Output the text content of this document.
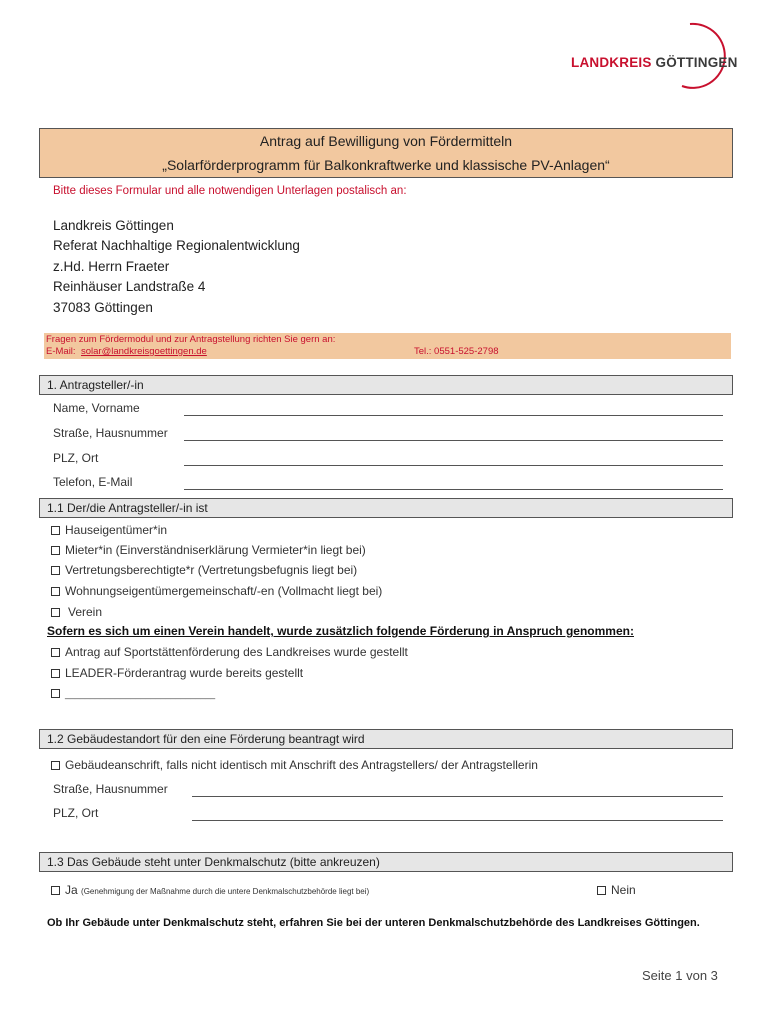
LANDKREIS GÖTTINGEN
Antrag auf Bewilligung von Fördermitteln
„Solarförderprogramm für Balkonkraftwerke und klassische PV-Anlagen“
Bitte dieses Formular und alle notwendigen Unterlagen postalisch an:
Landkreis Göttingen
Referat Nachhaltige Regionalentwicklung
z.Hd. Herrn Fraeter
Reinhäuser Landstraße 4
37083 Göttingen
Fragen zum Fördermodul und zur Antragstellung richten Sie gern an:
E-Mail: solar@landkreisgoettingen.de	Tel.: 0551-525-2798
1. Antragsteller/-in
Name, Vorname
Straße, Hausnummer
PLZ, Ort
Telefon, E-Mail
1.1 Der/die Antragsteller/-in ist
Hauseigentümer*in
Mieter*in (Einverständniserklärung Vermieter*in liegt bei)
Vertretungsberechtigte*r (Vertretungsbefugnis liegt bei)
Wohnungseigentümergemeinschaft/-en (Vollmacht liegt bei)
Verein
Sofern es sich um einen Verein handelt, wurde zusätzlich folgende Förderung in Anspruch genommen:
Antrag auf Sportstättenförderung des Landkreises wurde gestellt
LEADER-Förderantrag wurde bereits gestellt
______________________________
1.2 Gebäudestandort für den eine Förderung beantragt wird
Gebäudeanschrift, falls nicht identisch mit Anschrift des Antragstellers/ der Antragstellerin
Straße, Hausnummer
PLZ, Ort
1.3 Das Gebäude steht unter Denkmalschutz (bitte ankreuzen)
Ja (Genehmigung der Maßnahme durch die untere Denkmalschutzbehörde liegt bei)	Nein
Ob Ihr Gebäude unter Denkmalschutz steht, erfahren Sie bei der unteren Denkmalschutzbehörde des Landkreises Göttingen.
Seite 1 von 3
